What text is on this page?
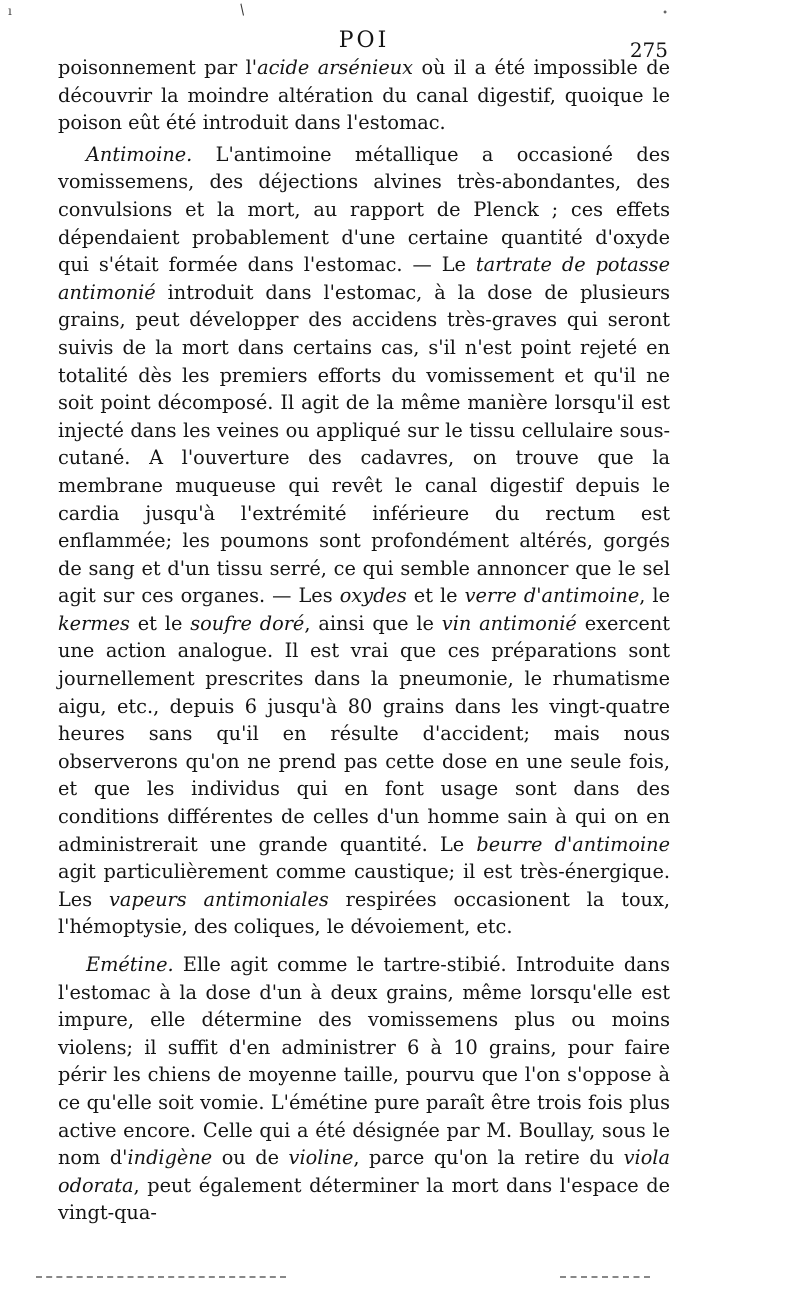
ı	/	•
POI	275

poisonnement par l'acide arsénieux où il a été impossible de découvrir la moindre altération du canal digestif, quoique le poison eût été introduit dans l'estomac.

Antimoine. L'antimoine métallique a occasioné des vomissemens, des déjections alvines très-abondantes, des convulsions et la mort, au rapport de Plenck ; ces effets dépendaient probablement d'une certaine quantité d'oxyde qui s'était formée dans l'estomac. — Le tartrate de potasse antimonié introduit dans l'estomac, à la dose de plusieurs grains, peut développer des accidens très-graves qui seront suivis de la mort dans certains cas, s'il n'est point rejeté en totalité dès les premiers efforts du vomissement et qu'il ne soit point décomposé. Il agit de la même manière lorsqu'il est injecté dans les veines ou appliqué sur le tissu cellulaire sous-cutané. A l'ouverture des cadavres, on trouve que la membrane muqueuse qui revêt le canal digestif depuis le cardia jusqu'à l'extrémité inférieure du rectum est enflammée; les poumons sont profondément altérés, gorgés de sang et d'un tissu serré, ce qui semble annoncer que le sel agit sur ces organes. — Les oxydes et le verre d'antimoine, le kermes et le soufre doré, ainsi que le vin antimonié exercent une action analogue. Il est vrai que ces préparations sont journellement prescrites dans la pneumonie, le rhumatisme aigu, etc., depuis 6 jusqu'à 80 grains dans les vingt-quatre heures sans qu'il en résulte d'accident; mais nous observerons qu'on ne prend pas cette dose en une seule fois, et que les individus qui en font usage sont dans des conditions différentes de celles d'un homme sain à qui on en administrerait une grande quantité. Le beurre d'antimoine agit particulièrement comme caustique; il est très-énergique. Les vapeurs antimoniales respirées occasionent la toux, l'hémoptysie, des coliques, le dévoiement, etc.

Emétine. Elle agit comme le tartre-stibié. Introduite dans l'estomac à la dose d'un à deux grains, même lorsqu'elle est impure, elle détermine des vomissemens plus ou moins violens; il suffit d'en administrer 6 à 10 grains, pour faire périr les chiens de moyenne taille, pourvu que l'on s'oppose à ce qu'elle soit vomie. L'émétine pure paraît être trois fois plus active encore. Celle qui a été désignée par M. Boullay, sous le nom d'indigène ou de violine, parce qu'on la retire du viola odorata, peut également déterminer la mort dans l'espace de vingt-qua-
